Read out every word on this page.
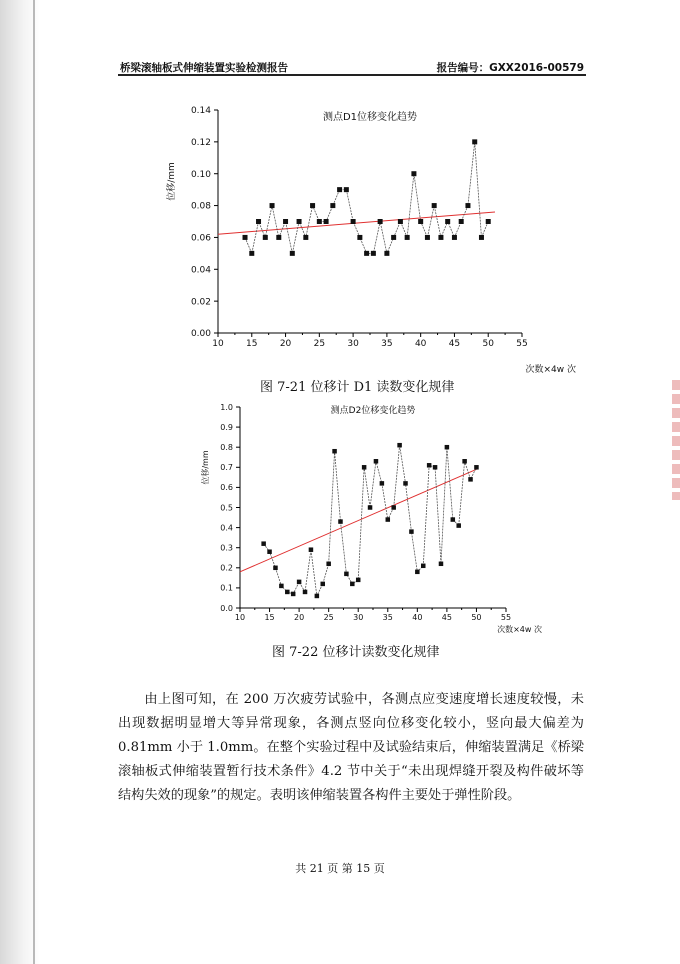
桥梁滚轴板式伸缩装置实验检测报告	报告编号：GXX2016-00579
10 15 20 25 30 35 40 45 50 55
0.00
0.02
0.04
0.06
0.08
0.10
0.12
0.14
测点D1位移变化趋势
次数×4w 次
位移/mm
图 7-21 位移计 D1 读数变化规律
10 15 20 25 30 35 40 45 50 55
0.0
0.1
0.2
0.3
0.4
0.5
0.6
0.7
0.8
0.9
1.0	测点D2位移变化趋势
次数×4w 次
位移/mm
图 7-22 位移计读数变化规律

由上图可知，在 200 万次疲劳试验中，各测点应变速度增长速度较慢，未出现数据明显增大等异常现象，各测点竖向位移变化较小，竖向最大偏差为 0.81mm 小于 1.0mm。在整个实验过程中及试验结束后，伸缩装置满足《桥梁滚轴板式伸缩装置暂行技术条件》4.2 节中关于“未出现焊缝开裂及构件破坏等结构失效的现象”的规定。表明该伸缩装置各构件主要处于弹性阶段。

共 21 页 第 15 页
